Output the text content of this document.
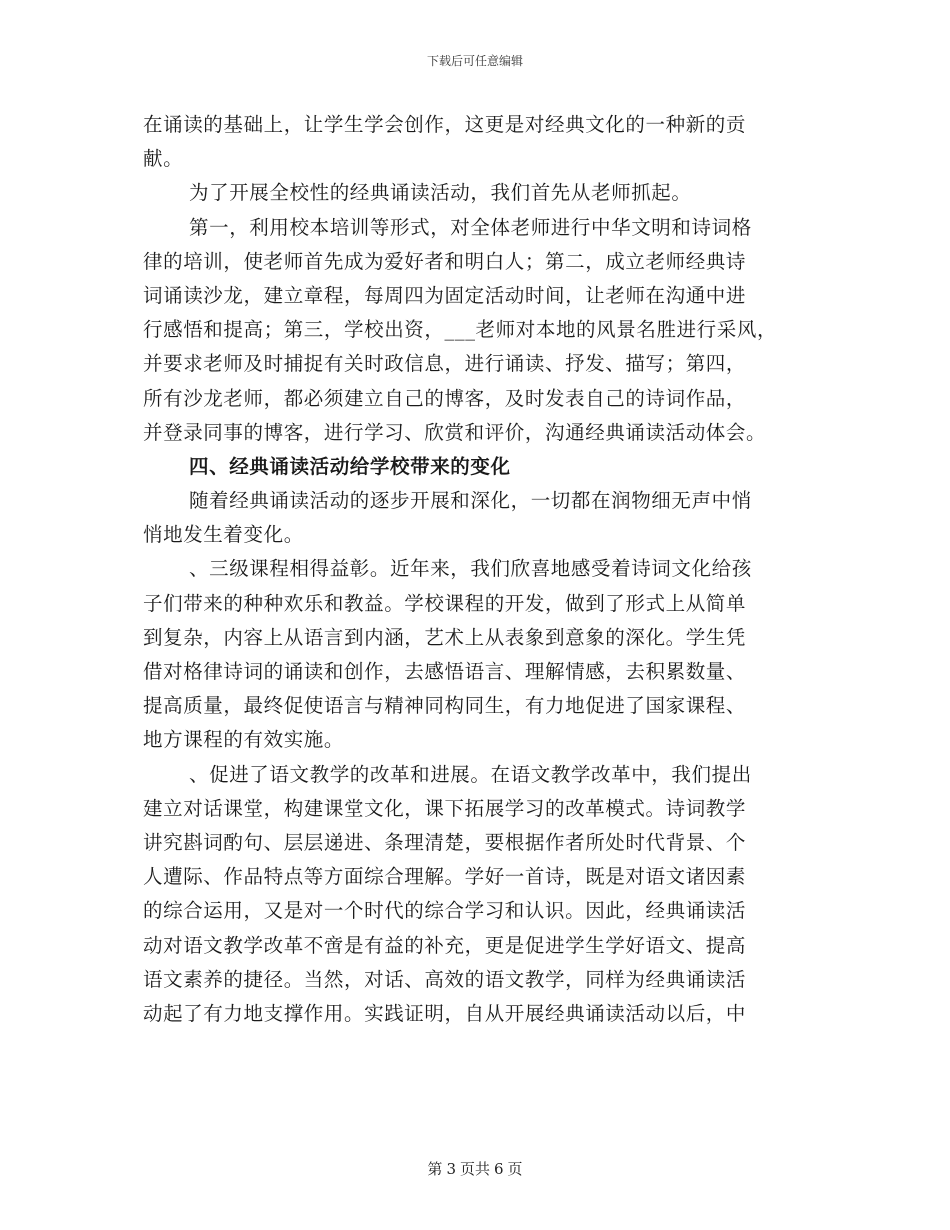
下载后可任意编辑
在诵读的基础上，让学生学会创作，这更是对经典文化的一种新的贡
献。
为了开展全校性的经典诵读活动，我们首先从老师抓起。
第一，利用校本培训等形式，对全体老师进行中华文明和诗词格
律的培训，使老师首先成为爱好者和明白人；第二，成立老师经典诗
词诵读沙龙，建立章程，每周四为固定活动时间，让老师在沟通中进
行感悟和提高；第三，学校出资，___老师对本地的风景名胜进行采风，
并要求老师及时捕捉有关时政信息，进行诵读、抒发、描写；第四，
所有沙龙老师，都必须建立自己的博客，及时发表自己的诗词作品，
并登录同事的博客，进行学习、欣赏和评价，沟通经典诵读活动体会。
四、经典诵读活动给学校带来的变化
随着经典诵读活动的逐步开展和深化，一切都在润物细无声中悄
悄地发生着变化。
、三级课程相得益彰。近年来，我们欣喜地感受着诗词文化给孩
子们带来的种种欢乐和教益。学校课程的开发，做到了形式上从简单
到复杂，内容上从语言到内涵，艺术上从表象到意象的深化。学生凭
借对格律诗词的诵读和创作，去感悟语言、理解情感，去积累数量、
提高质量，最终促使语言与精神同构同生，有力地促进了国家课程、
地方课程的有效实施。
、促进了语文教学的改革和进展。在语文教学改革中，我们提出
建立对话课堂，构建课堂文化，课下拓展学习的改革模式。诗词教学
讲究斟词酌句、层层递进、条理清楚，要根据作者所处时代背景、个
人遭际、作品特点等方面综合理解。学好一首诗，既是对语文诸因素
的综合运用，又是对一个时代的综合学习和认识。因此，经典诵读活
动对语文教学改革不啻是有益的补充，更是促进学生学好语文、提高
语文素养的捷径。当然，对话、高效的语文教学，同样为经典诵读活
动起了有力地支撑作用。实践证明，自从开展经典诵读活动以后，中
第 3 页共 6 页
